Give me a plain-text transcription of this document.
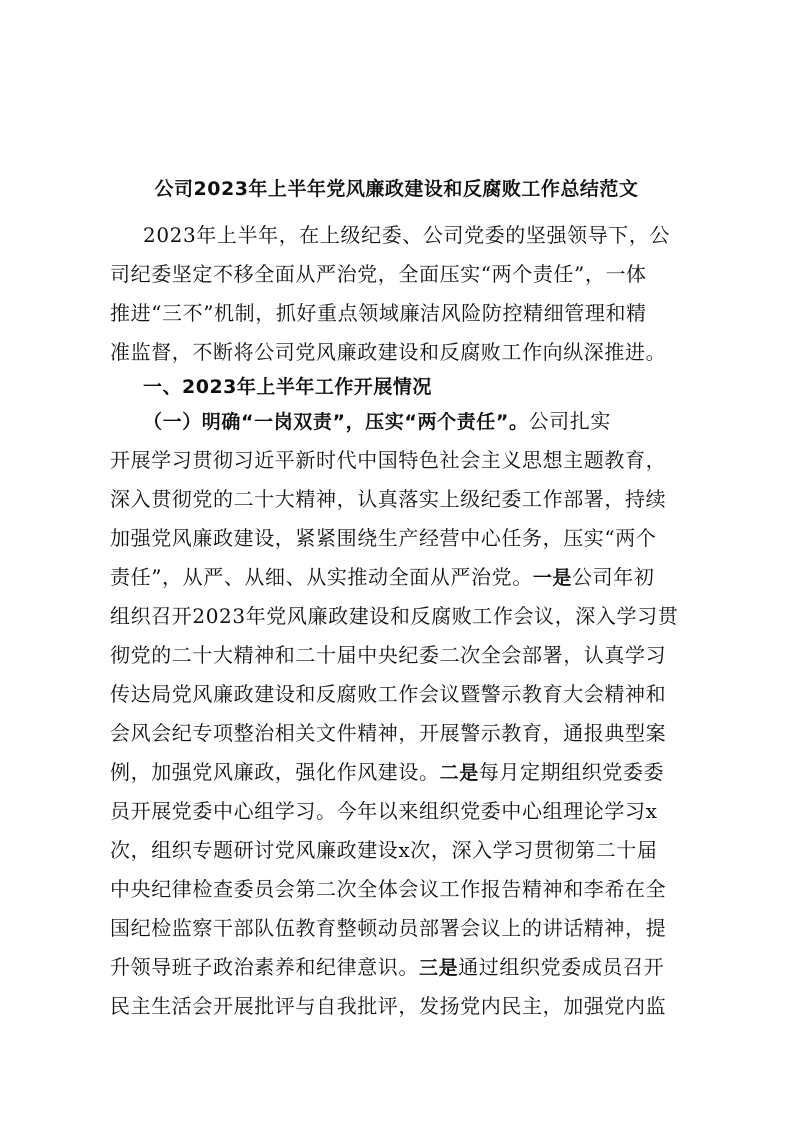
公司2023年上半年党风廉政建设和反腐败工作总结范文
2023年上半年，在上级纪委、公司党委的坚强领导下，公
司纪委坚定不移全面从严治党，全面压实“两个责任”，一体
推进“三不”机制，抓好重点领域廉洁风险防控精细管理和精
准监督，不断将公司党风廉政建设和反腐败工作向纵深推进。
一、2023年上半年工作开展情况
（一）明确“一岗双责”，压实“两个责任”。公司扎实
开展学习贯彻习近平新时代中国特色社会主义思想主题教育，
深入贯彻党的二十大精神，认真落实上级纪委工作部署，持续
加强党风廉政建设，紧紧围绕生产经营中心任务，压实“两个
责任”，从严、从细、从实推动全面从严治党。一是公司年初
组织召开2023年党风廉政建设和反腐败工作会议，深入学习贯
彻党的二十大精神和二十届中央纪委二次全会部署，认真学习
传达局党风廉政建设和反腐败工作会议暨警示教育大会精神和
会风会纪专项整治相关文件精神，开展警示教育，通报典型案
例，加强党风廉政，强化作风建设。二是每月定期组织党委委
员开展党委中心组学习。今年以来组织党委中心组理论学习x
次，组织专题研讨党风廉政建设x次，深入学习贯彻第二十届
中央纪律检查委员会第二次全体会议工作报告精神和李希在全
国纪检监察干部队伍教育整顿动员部署会议上的讲话精神，提
升领导班子政治素养和纪律意识。三是通过组织党委成员召开
民主生活会开展批评与自我批评，发扬党内民主，加强党内监
